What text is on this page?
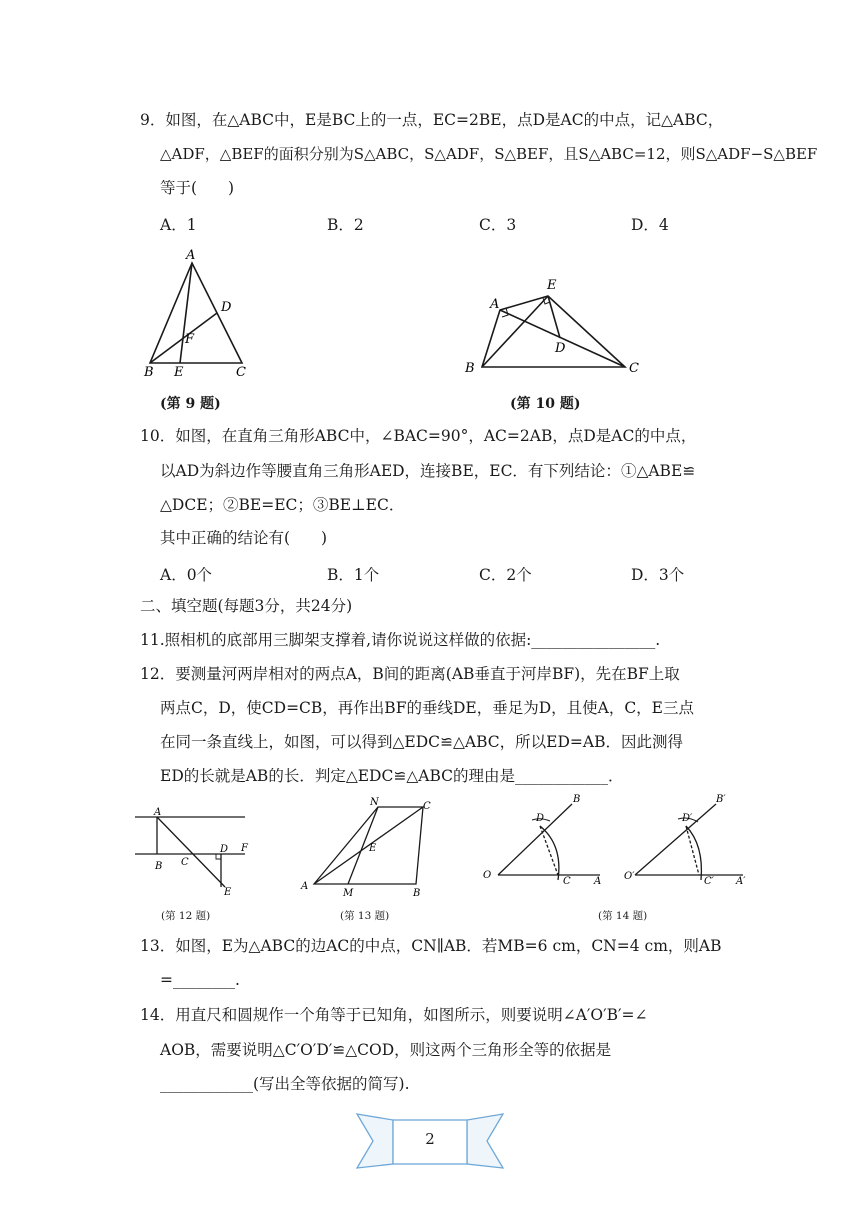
9．如图，在△ABC中，E是BC上的一点，EC=2BE，点D是AC的中点，记△ABC，
△ADF，△BEF的面积分别为S△ABC，S△ADF，S△BEF，且S△ABC=12，则S△ADF−S△BEF
等于(　　)
A．1	B．2	C．3	D．4
A
D
F
B E	C
(第 9 题)
E
A
D
B	C
(第 10 题)
10．如图，在直角三角形ABC中，∠BAC=90°，AC=2AB，点D是AC的中点，
以AD为斜边作等腰直角三角形AED，连接BE，EC．有下列结论：①△ABE≌
△DCE；②BE=EC；③BE⊥EC．
其中正确的结论有(　　)
A．0个	B．1个	C．2个	D．3个
二、填空题(每题3分，共24分)
11.照相机的底部用三脚架支撑着,请你说说这样做的依据:________________.
12．要测量河两岸相对的两点A，B间的距离(AB垂直于河岸BF)，先在BF上取
两点C，D，使CD=CB，再作出BF的垂线DE，垂足为D，且使A，C，E三点
在同一条直线上，如图，可以得到△EDC≌△ABC，所以ED=AB．因此测得
ED的长就是AB的长．判定△EDC≌△ABC的理由是____________．
A
D F
B C
E
(第 12 题)
N	C
E
A
M	B
(第 13 题)
B
D
O
C A
B′
D′
O′	C′ A′
(第 14 题)
13．如图，E为△ABC的边AC的中点，CN∥AB．若MB=6 cm，CN=4 cm，则AB
=________.
14．用直尺和圆规作一个角等于已知角，如图所示，则要说明∠A′O′B′=∠
AOB，需要说明△C′O′D′≌△COD，则这两个三角形全等的依据是
____________(写出全等依据的简写).
2
